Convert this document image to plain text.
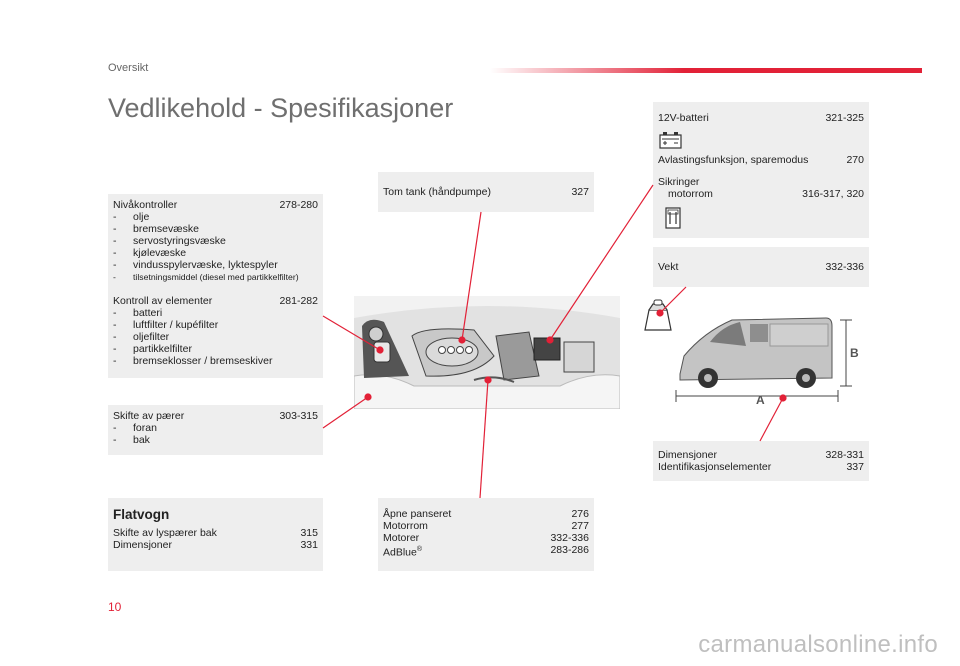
Oversikt
Vedlikehold - Spesifikasjoner
Nivåkontroller	278-280
- olje
- bremsevæske
- servostyringsvæske
- kjølevæske
- vindusspylervæske, lyktespyler
- tilsetningsmiddel (diesel med partikkelfilter)
Kontroll av elementer	281-282
- batteri
- luftfilter / kupéfilter
- oljefilter
- partikkelfilter
- bremseklosser / bremseskiver
Skifte av pærer	303-315
- foran
- bak
Flatvogn
Skifte av lyspærer bak	315
Dimensjoner	331
Tom tank (håndpumpe)	327
Åpne panseret	276
Motorrom	277
Motorer	332-336
AdBlue®	283-286
12V-batteri	321-325
Avlastingsfunksjon, sparemodus	270
Sikringer
motorrom	316-317, 320
Vekt	332-336
Dimensjoner	328-331
Identifikasjonselementer	337
A
B
10
carmanualsonline.info
